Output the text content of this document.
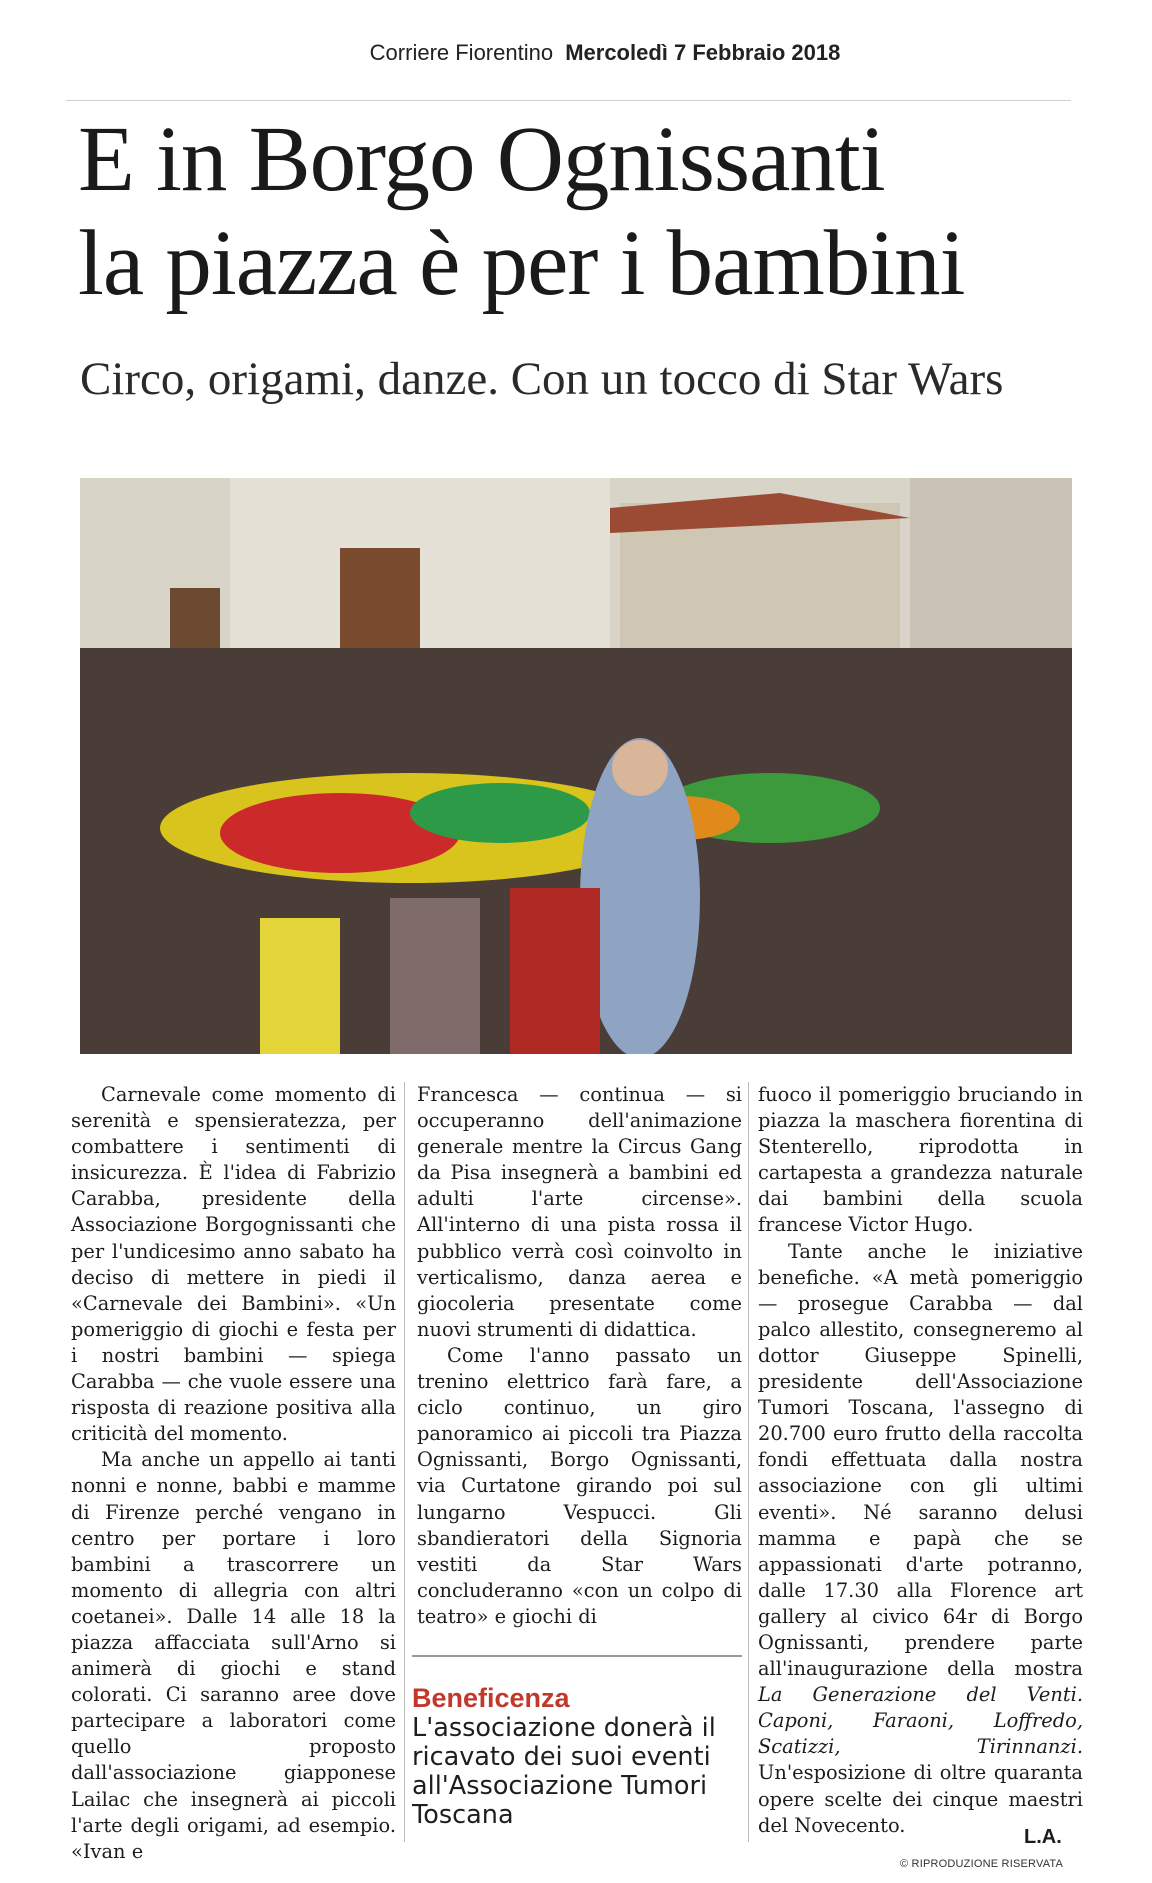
Corriere Fiorentino Mercoledì 7 Febbraio 2018
E in Borgo Ognissanti
la piazza è per i bambini
Circo, origami, danze. Con un tocco di Star Wars

Carnevale come momento di serenità e spensieratezza, per combattere i sentimenti di insicurezza. È l'idea di Fabrizio Carabba, presidente della Associazione Borgognissanti che per l'undicesimo anno sabato ha deciso di mettere in piedi il «Carnevale dei Bambini». «Un pomeriggio di giochi e festa per i nostri bambini — spiega Carabba — che vuole essere una risposta di reazione positiva alla criticità del momento.

Ma anche un appello ai tanti nonni e nonne, babbi e mamme di Firenze perché vengano in centro per portare i loro bambini a trascorrere un momento di allegria con altri coetanei». Dalle 14 alle 18 la piazza affacciata sull'Arno si animerà di giochi e stand colorati. Ci saranno aree dove partecipare a laboratori come quello proposto dall'associazione giapponese Lailac che insegnerà ai piccoli l'arte degli origami, ad esempio. «Ivan e

Francesca — continua — si occuperanno dell'animazione generale mentre la Circus Gang da Pisa insegnerà a bambini ed adulti l'arte circense». All'interno di una pista rossa il pubblico verrà così coinvolto in verticalismo, danza aerea e giocoleria presentate come nuovi strumenti di didattica.

Come l'anno passato un trenino elettrico farà fare, a ciclo continuo, un giro panoramico ai piccoli tra Piazza Ognissanti, Borgo Ognissanti, via Curtatone girando poi sul lungarno Vespucci. Gli sbandieratori della Signoria vestiti da Star Wars concluderanno «con un colpo di teatro» e giochi di

fuoco il pomeriggio bruciando in piazza la maschera fiorentina di Stenterello, riprodotta in cartapesta a grandezza naturale dai bambini della scuola francese Victor Hugo.

Tante anche le iniziative benefiche. «A metà pomeriggio — prosegue Carabba — dal palco allestito, consegneremo al dottor Giuseppe Spinelli, presidente dell'Associazione Tumori Toscana, l'assegno di 20.700 euro frutto della raccolta fondi effettuata dalla nostra associazione con gli ultimi eventi». Né saranno delusi mamma e papà che se appassionati d'arte potranno, dalle 17.30 alla Florence art gallery al civico 64r di Borgo Ognissanti, prendere parte all'inaugurazione della mostra La Generazione del Venti. Caponi, Faraoni, Loffredo, Scatizzi, Tirinnanzi. Un'esposizione di oltre quaranta opere scelte dei cinque maestri del Novecento.

Beneficenza
L'associazione donerà il ricavato dei suoi eventi all'Associazione Tumori Toscana
L.A.
© RIPRODUZIONE RISERVATA
